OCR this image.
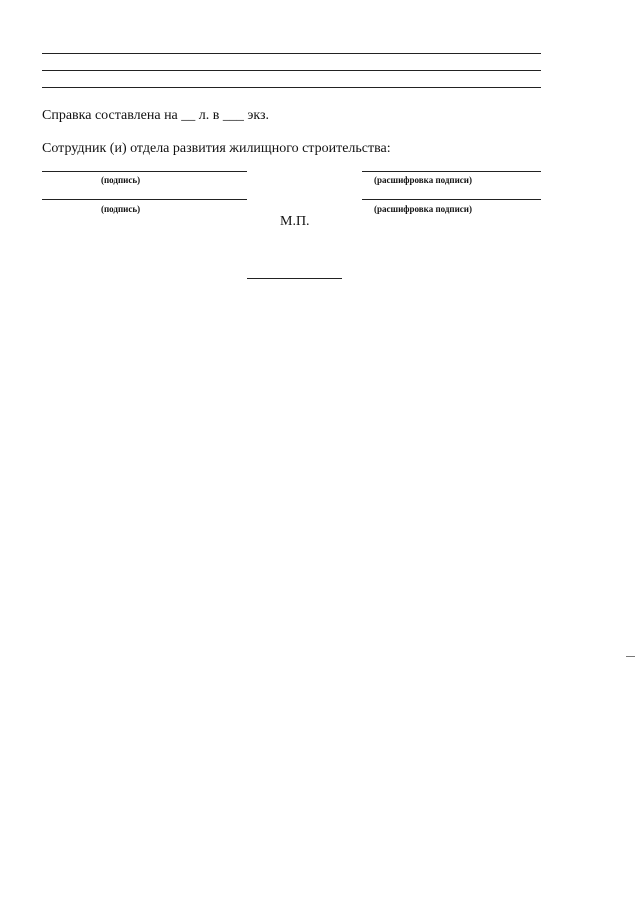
Справка составлена на __ л. в ___ экз.
Сотрудник (и) отдела развития жилищного строительства:
(подпись)	(расшифровка подписи)
(подпись)	(расшифровка подписи)
М.П.
